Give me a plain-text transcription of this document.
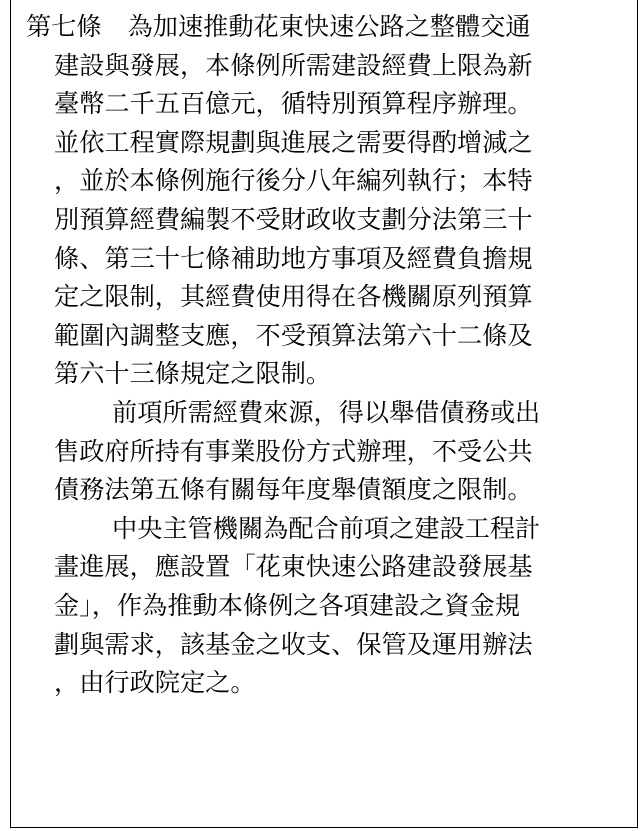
第七條 為加速推動花東快速公路之整體交通
建設與發展，本條例所需建設經費上限為新
臺幣二千五百億元，循特別預算程序辦理。
並依工程實際規劃與進展之需要得酌增減之
，並於本條例施行後分八年編列執行；本特
別預算經費編製不受財政收支劃分法第三十
條、第三十七條補助地方事項及經費負擔規
定之限制，其經費使用得在各機關原列預算
範圍內調整支應，不受預算法第六十二條及
第六十三條規定之限制。
前項所需經費來源，得以舉借債務或出
售政府所持有事業股份方式辦理，不受公共
債務法第五條有關每年度舉債額度之限制。
中央主管機關為配合前項之建設工程計
畫進展，應設置「花東快速公路建設發展基
金」，作為推動本條例之各項建設之資金規
劃與需求，該基金之收支、保管及運用辦法
，由行政院定之。
